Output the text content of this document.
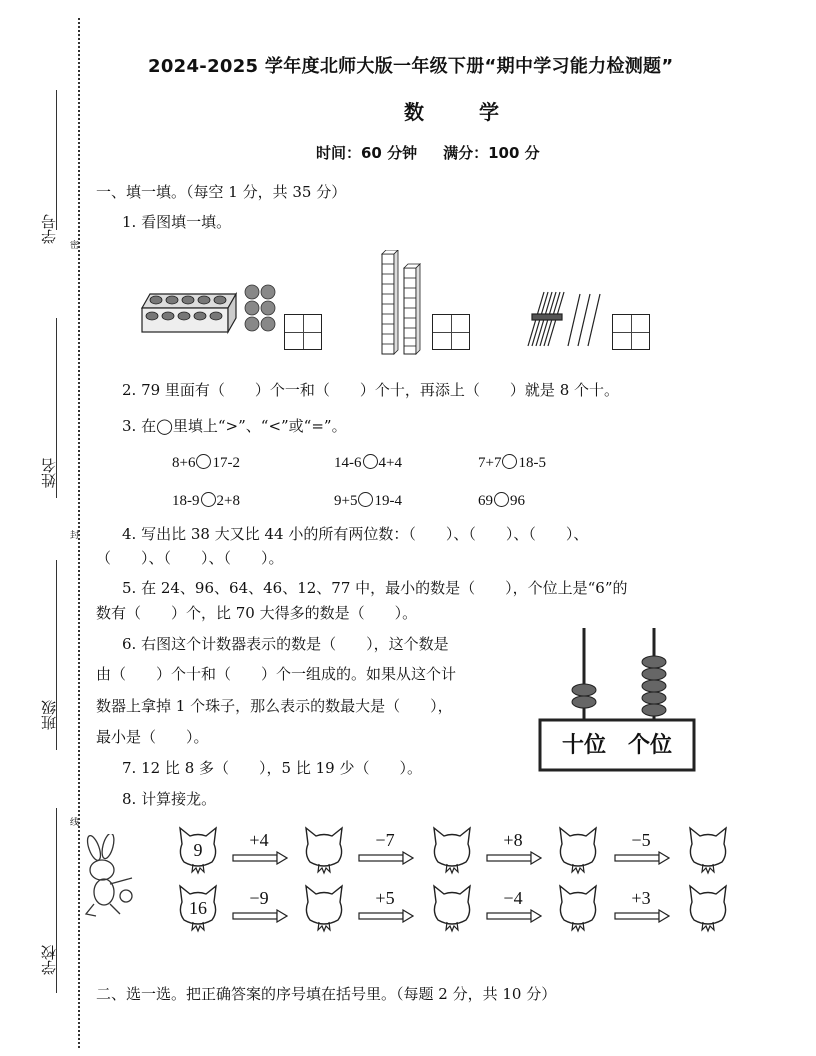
学号
姓名
班级
学校
密
封
线
2024-2025 学年度北师大版一年级下册“期中学习能力检测题”
数 学
时间：60 分钟 满分：100 分
一、填一填。（每空 1 分，共 35 分）
1. 看图填一填。
2. 79 里面有（　　）个一和（　　）个十，再添上（　　）就是 8 个十。
3. 在◯里填上“>”、“<”或“=”。
8+6 17-2	14-6 4+4	7+7 18-5
18-9 2+8	9+5 19-4	69 96
4. 写出比 38 大又比 44 小的所有两位数：（　　）、（　　）、（　　）、
（　　）、（　　）、（　　）。
5. 在 24、96、64、46、12、77 中，最小的数是（　　），个位上是“6”的
数有（　　）个，比 70 大得多的数是（　　）。
6. 右图这个计数器表示的数是（　　），这个数是
由（　　）个十和（　　）个一组成的。如果从这个计
数器上拿掉 1 个珠子，那么表示的数最大是（　　），
最小是（　　）。	十位　个位
7. 12 比 8 多（　　），5 比 19 少（　　）。
8. 计算接龙。
9	+4	−7	+8	−5
16	−9	+5	−4	+3
二、选一选。把正确答案的序号填在括号里。（每题 2 分，共 10 分）
